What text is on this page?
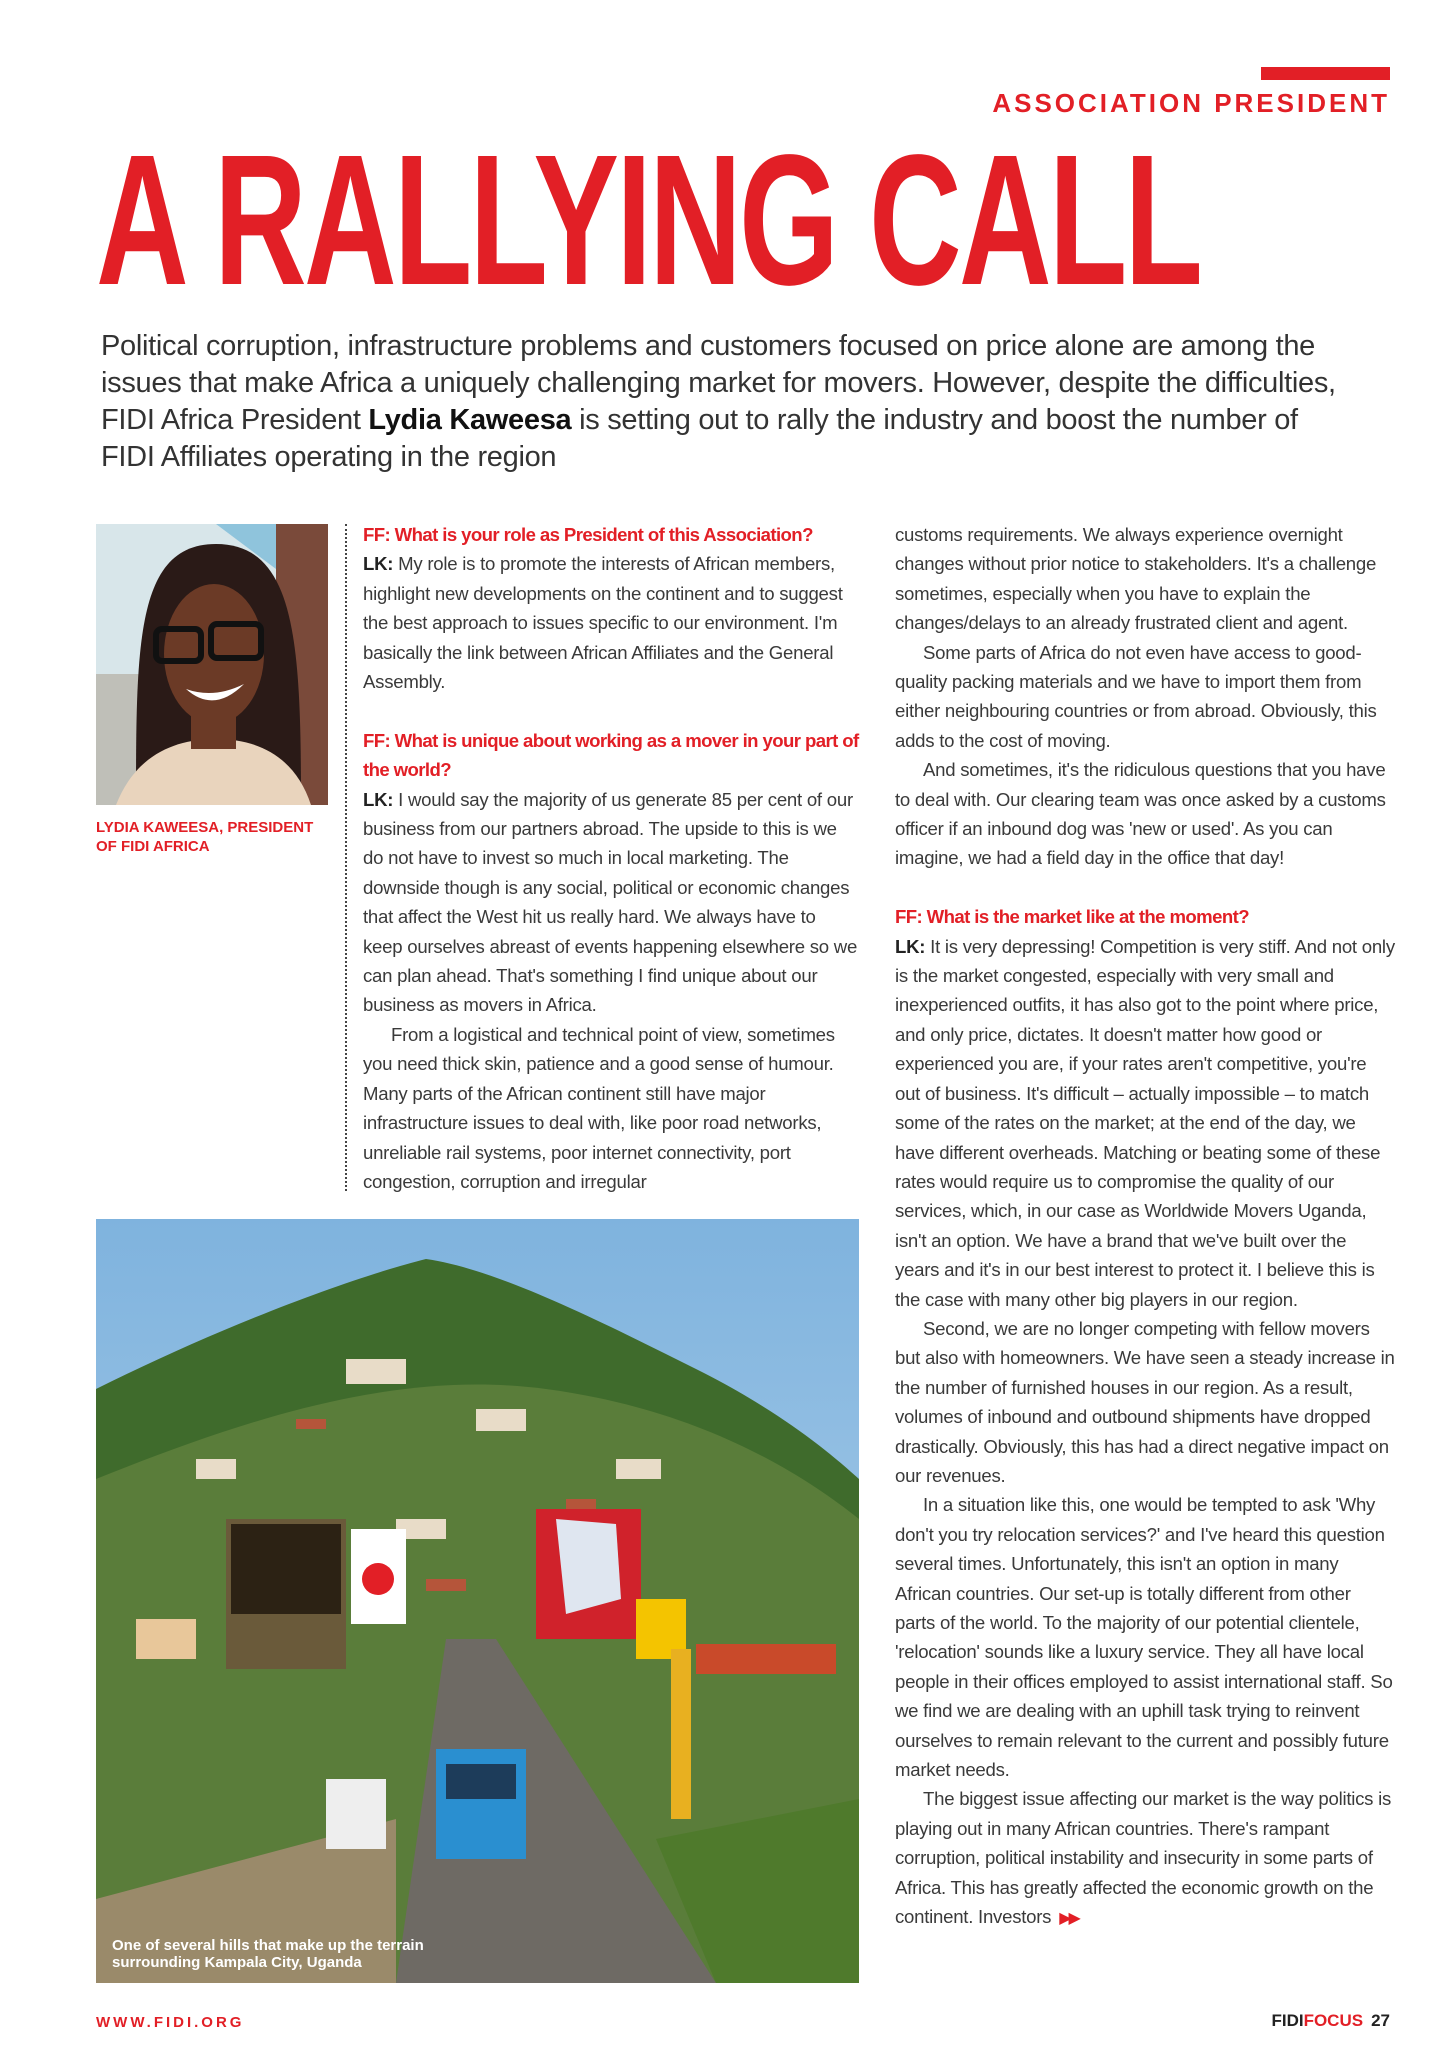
ASSOCIATION PRESIDENT
A RALLYING CALL

Political corruption, infrastructure problems and customers focused on price alone are among the issues that make Africa a uniquely challenging market for movers. However, despite the difficulties, FIDI Africa President Lydia Kaweesa is setting out to rally the industry and boost the number of FIDI Affiliates operating in the region

LYDIA KAWEESA, PRESIDENT OF FIDI AFRICA

FF: What is your role as President of this Association?

LK: My role is to promote the interests of African members, highlight new developments on the continent and to suggest the best approach to issues specific to our environment. I'm basically the link between African Affiliates and the General Assembly.

FF: What is unique about working as a mover in your part of the world?

LK: I would say the majority of us generate 85 per cent of our business from our partners abroad. The upside to this is we do not have to invest so much in local marketing. The downside though is any social, political or economic changes that affect the West hit us really hard. We always have to keep ourselves abreast of events happening elsewhere so we can plan ahead. That's something I find unique about our business as movers in Africa.

From a logistical and technical point of view, sometimes you need thick skin, patience and a good sense of humour. Many parts of the African continent still have major infrastructure issues to deal with, like poor road networks, unreliable rail systems, poor internet connectivity, port congestion, corruption and irregular

customs requirements. We always experience overnight changes without prior notice to stakeholders. It's a challenge sometimes, especially when you have to explain the changes/delays to an already frustrated client and agent.

Some parts of Africa do not even have access to good-quality packing materials and we have to import them from either neighbouring countries or from abroad. Obviously, this adds to the cost of moving.

And sometimes, it's the ridiculous questions that you have to deal with. Our clearing team was once asked by a customs officer if an inbound dog was 'new or used'. As you can imagine, we had a field day in the office that day!

FF: What is the market like at the moment?

LK: It is very depressing! Competition is very stiff. And not only is the market congested, especially with very small and inexperienced outfits, it has also got to the point where price, and only price, dictates. It doesn't matter how good or experienced you are, if your rates aren't competitive, you're out of business. It's difficult – actually impossible – to match some of the rates on the market; at the end of the day, we have different overheads. Matching or beating some of these rates would require us to compromise the quality of our services, which, in our case as Worldwide Movers Uganda, isn't an option. We have a brand that we've built over the years and it's in our best interest to protect it. I believe this is the case with many other big players in our region.

Second, we are no longer competing with fellow movers but also with homeowners. We have seen a steady increase in the number of furnished houses in our region. As a result, volumes of inbound and outbound shipments have dropped drastically. Obviously, this has had a direct negative impact on our revenues.

In a situation like this, one would be tempted to ask 'Why don't you try relocation services?' and I've heard this question several times. Unfortunately, this isn't an option in many African countries. Our set-up is totally different from other parts of the world. To the majority of our potential clientele, 'relocation' sounds like a luxury service. They all have local people in their offices employed to assist international staff. So we find we are dealing with an uphill task trying to reinvent ourselves to remain relevant to the current and possibly future market needs.

The biggest issue affecting our market is the way politics is playing out in many African countries. There's rampant corruption, political instability and insecurity in some parts of Africa. This has greatly affected the economic growth on the continent. Investors ▶▶

One of several hills that make up the terrain surrounding Kampala City, Uganda
WWW.FIDI.ORG	FIDIFOCUS 27
